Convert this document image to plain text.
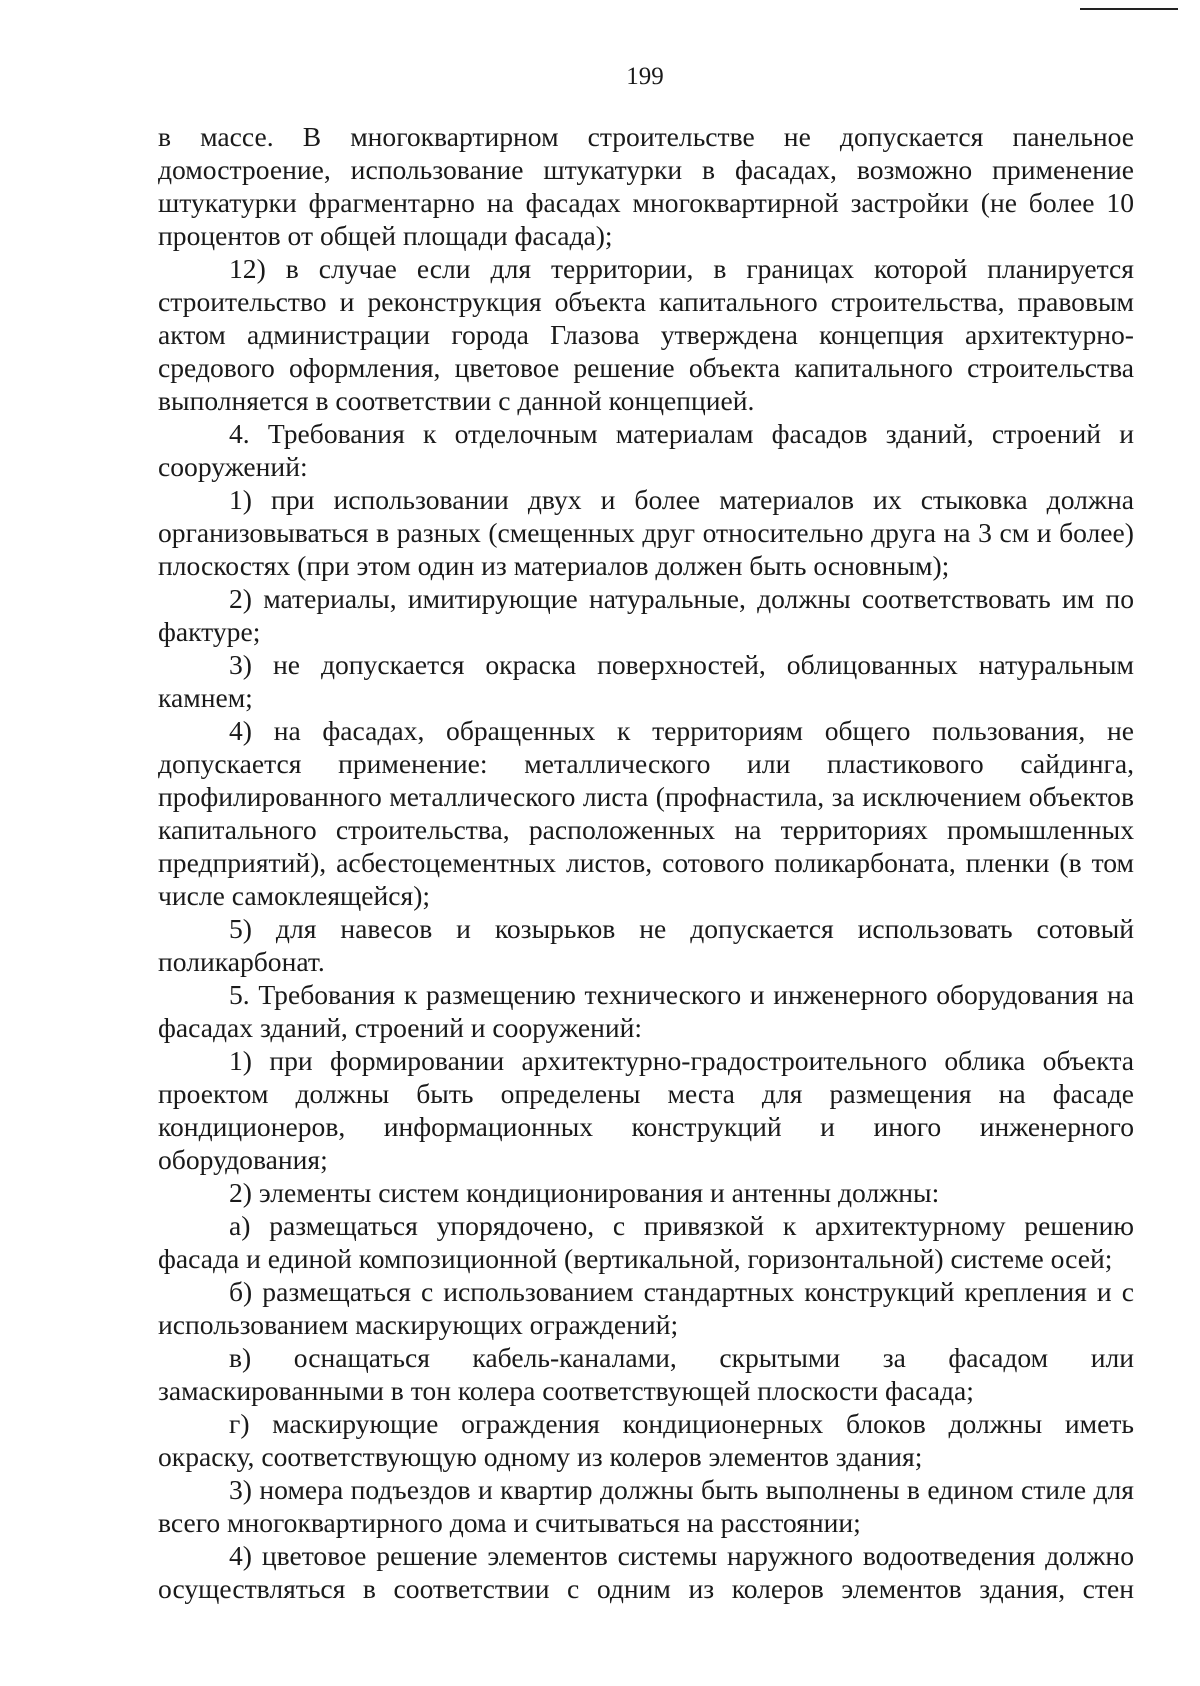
199

в массе. В многоквартирном строительстве не допускается панельное домостроение, использование штукатурки в фасадах, возможно применение штукатурки фрагментарно на фасадах многоквартирной застройки (не более 10 процентов от общей площади фасада);

12) в случае если для территории, в границах которой планируется строительство и реконструкция объекта капитального строительства, правовым актом администрации города Глазова утверждена концепция архитектурно-средового оформления, цветовое решение объекта капитального строительства выполняется в соответствии с данной концепцией.

4. Требования к отделочным материалам фасадов зданий, строений и сооружений:

1) при использовании двух и более материалов их стыковка должна организовываться в разных (смещенных друг относительно друга на 3 см и более) плоскостях (при этом один из материалов должен быть основным);

2) материалы, имитирующие натуральные, должны соответствовать им по фактуре;

3) не допускается окраска поверхностей, облицованных натуральным камнем;

4) на фасадах, обращенных к территориям общего пользования, не допускается применение: металлического или пластикового сайдинга, профилированного металлического листа (профнастила, за исключением объектов капитального строительства, расположенных на территориях промышленных предприятий), асбестоцементных листов, сотового поликарбоната, пленки (в том числе самоклеящейся);

5) для навесов и козырьков не допускается использовать сотовый поликарбонат.

5. Требования к размещению технического и инженерного оборудования на фасадах зданий, строений и сооружений:

1) при формировании архитектурно-градостроительного облика объекта проектом должны быть определены места для размещения на фасаде кондиционеров, информационных конструкций и иного инженерного оборудования;

2) элементы систем кондиционирования и антенны должны:

а) размещаться упорядочено, с привязкой к архитектурному решению фасада и единой композиционной (вертикальной, горизонтальной) системе осей;

б) размещаться с использованием стандартных конструкций крепления и с использованием маскирующих ограждений;

в) оснащаться кабель-каналами, скрытыми за фасадом или замаскированными в тон колера соответствующей плоскости фасада;

г) маскирующие ограждения кондиционерных блоков должны иметь окраску, соответствующую одному из колеров элементов здания;

3) номера подъездов и квартир должны быть выполнены в едином стиле для всего многоквартирного дома и считываться на расстоянии;

4) цветовое решение элементов системы наружного водоотведения должно осуществляться в соответствии с одним из колеров элементов здания, стен
